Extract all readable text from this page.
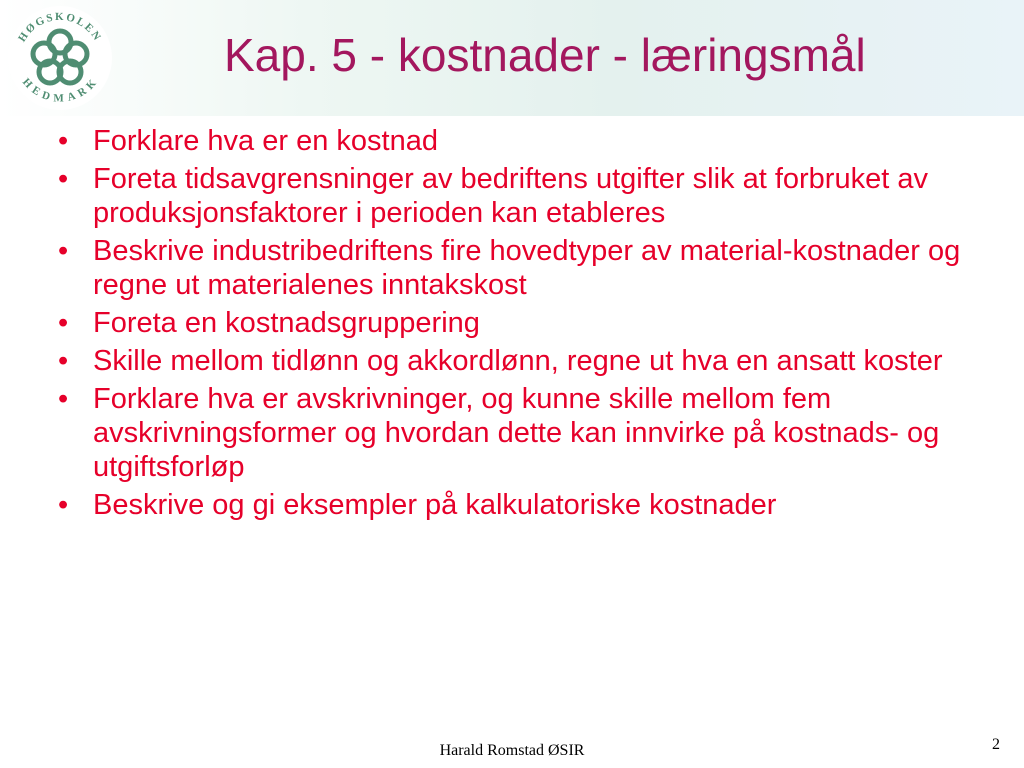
HØGSKOLEN
HEDMARK
Kap. 5 - kostnader - læringsmål
• Forklare hva er en kostnad
• Foreta tidsavgrensninger av bedriftens utgifter slik at forbruket av produksjonsfaktorer i perioden kan etableres
• Beskrive industribedriftens fire hovedtyper av material-kostnader og regne ut materialenes inntakskost
• Foreta en kostnadsgruppering
• Skille mellom tidlønn og akkordlønn, regne ut hva en ansatt koster
• Forklare hva er avskrivninger, og kunne skille mellom fem  avskrivningsformer og hvordan dette kan innvirke på kostnads- og utgiftsforløp
• Beskrive og gi eksempler på kalkulatoriske kostnader
Harald Romstad ØSIR	2
